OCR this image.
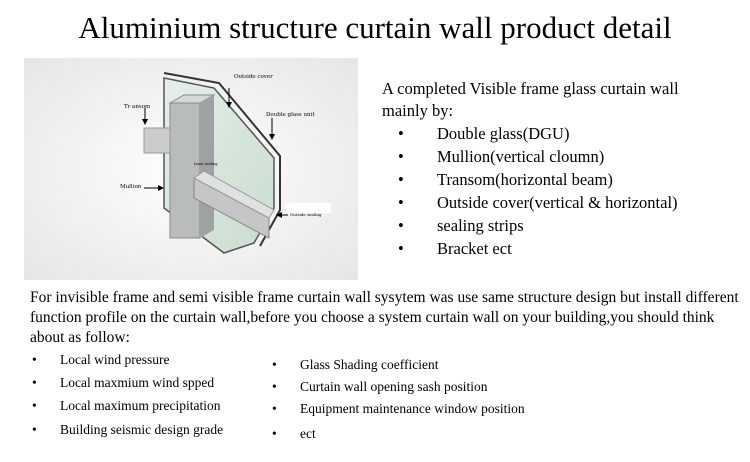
Aluminium structure curtain wall product detail
Outside cover
Tr ansom
Double glass unit
Mullion
Inner sealing
Outside sealing
A completed Visible frame glass curtain wall
mainly by:
• Double glass(DGU)
• Mullion(vertical cloumn)
• Transom(horizontal beam)
• Outside cover(vertical & horizontal)
• sealing strips
• Bracket ect
For invisible frame and semi visible frame curtain wall sysytem was use same structure design but install different function profile on the curtain wall,before you choose a system curtain wall on your building,you should think about as follow:
• Local wind pressure
• Local maxmium wind spped
• Local maximum precipitation
• Building seismic design grade
• Glass Shading coefficient
• Curtain wall opening sash position
• Equipment maintenance window position
• ect
